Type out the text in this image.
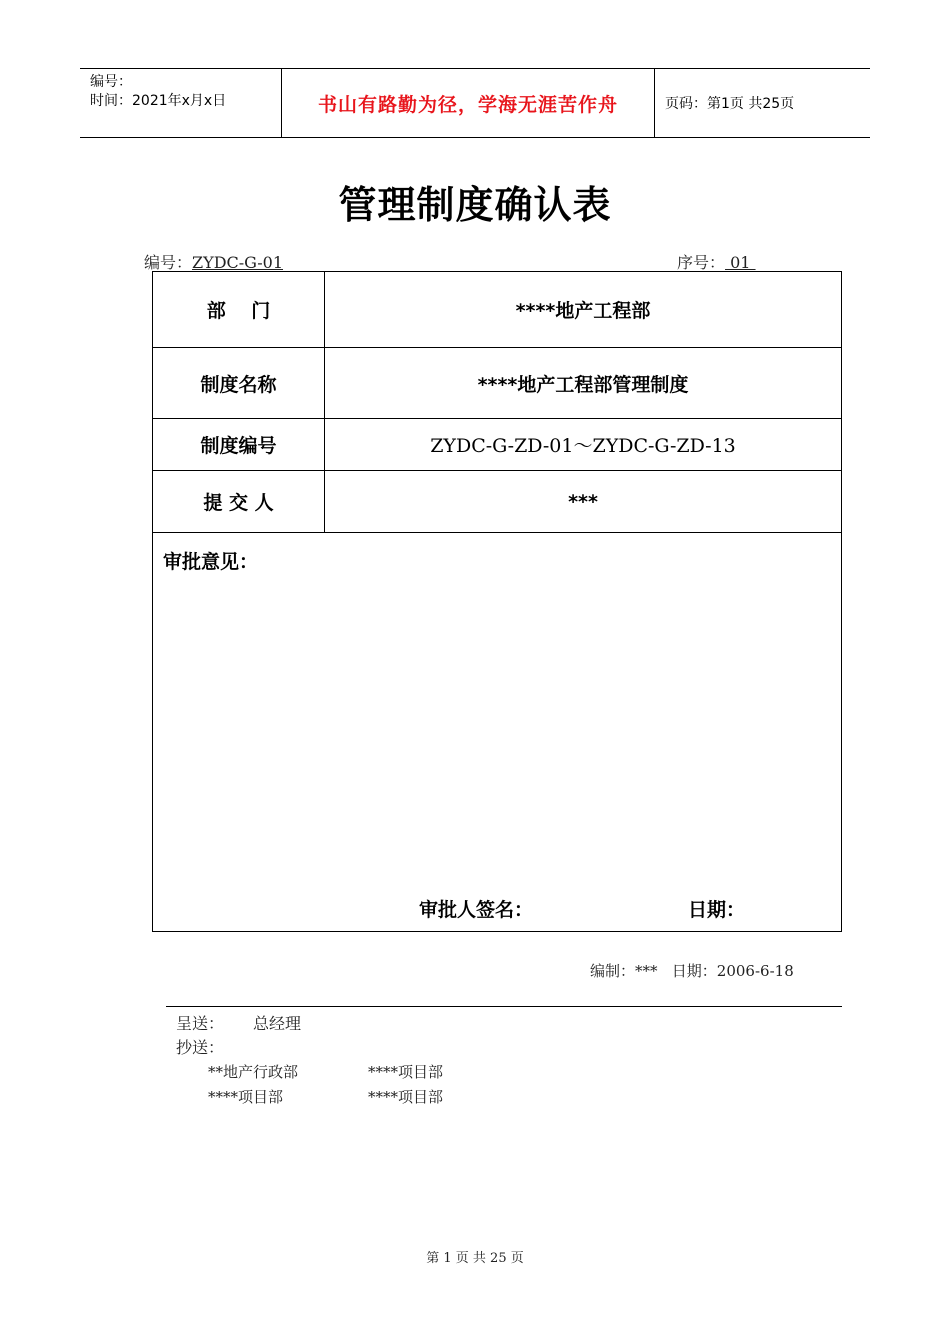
编号：
时间：2021年x月x日	书山有路勤为径，学海无涯苦作舟	页码：第1页 共25页
管理制度确认表
编号：ZYDC-G-01	序号： 01
部　 门	****地产工程部
制度名称	****地产工程部管理制度
制度编号	ZYDC-G-ZD-01～ZYDC-G-ZD-13
提 交 人	***

审批意见：
审批人签名： 日期：	
编制：***   日期：2006-6-18
呈送： 总经理
抄送：
**地产行政部	****项目部
****项目部	****项目部
第 1 页 共 25 页
